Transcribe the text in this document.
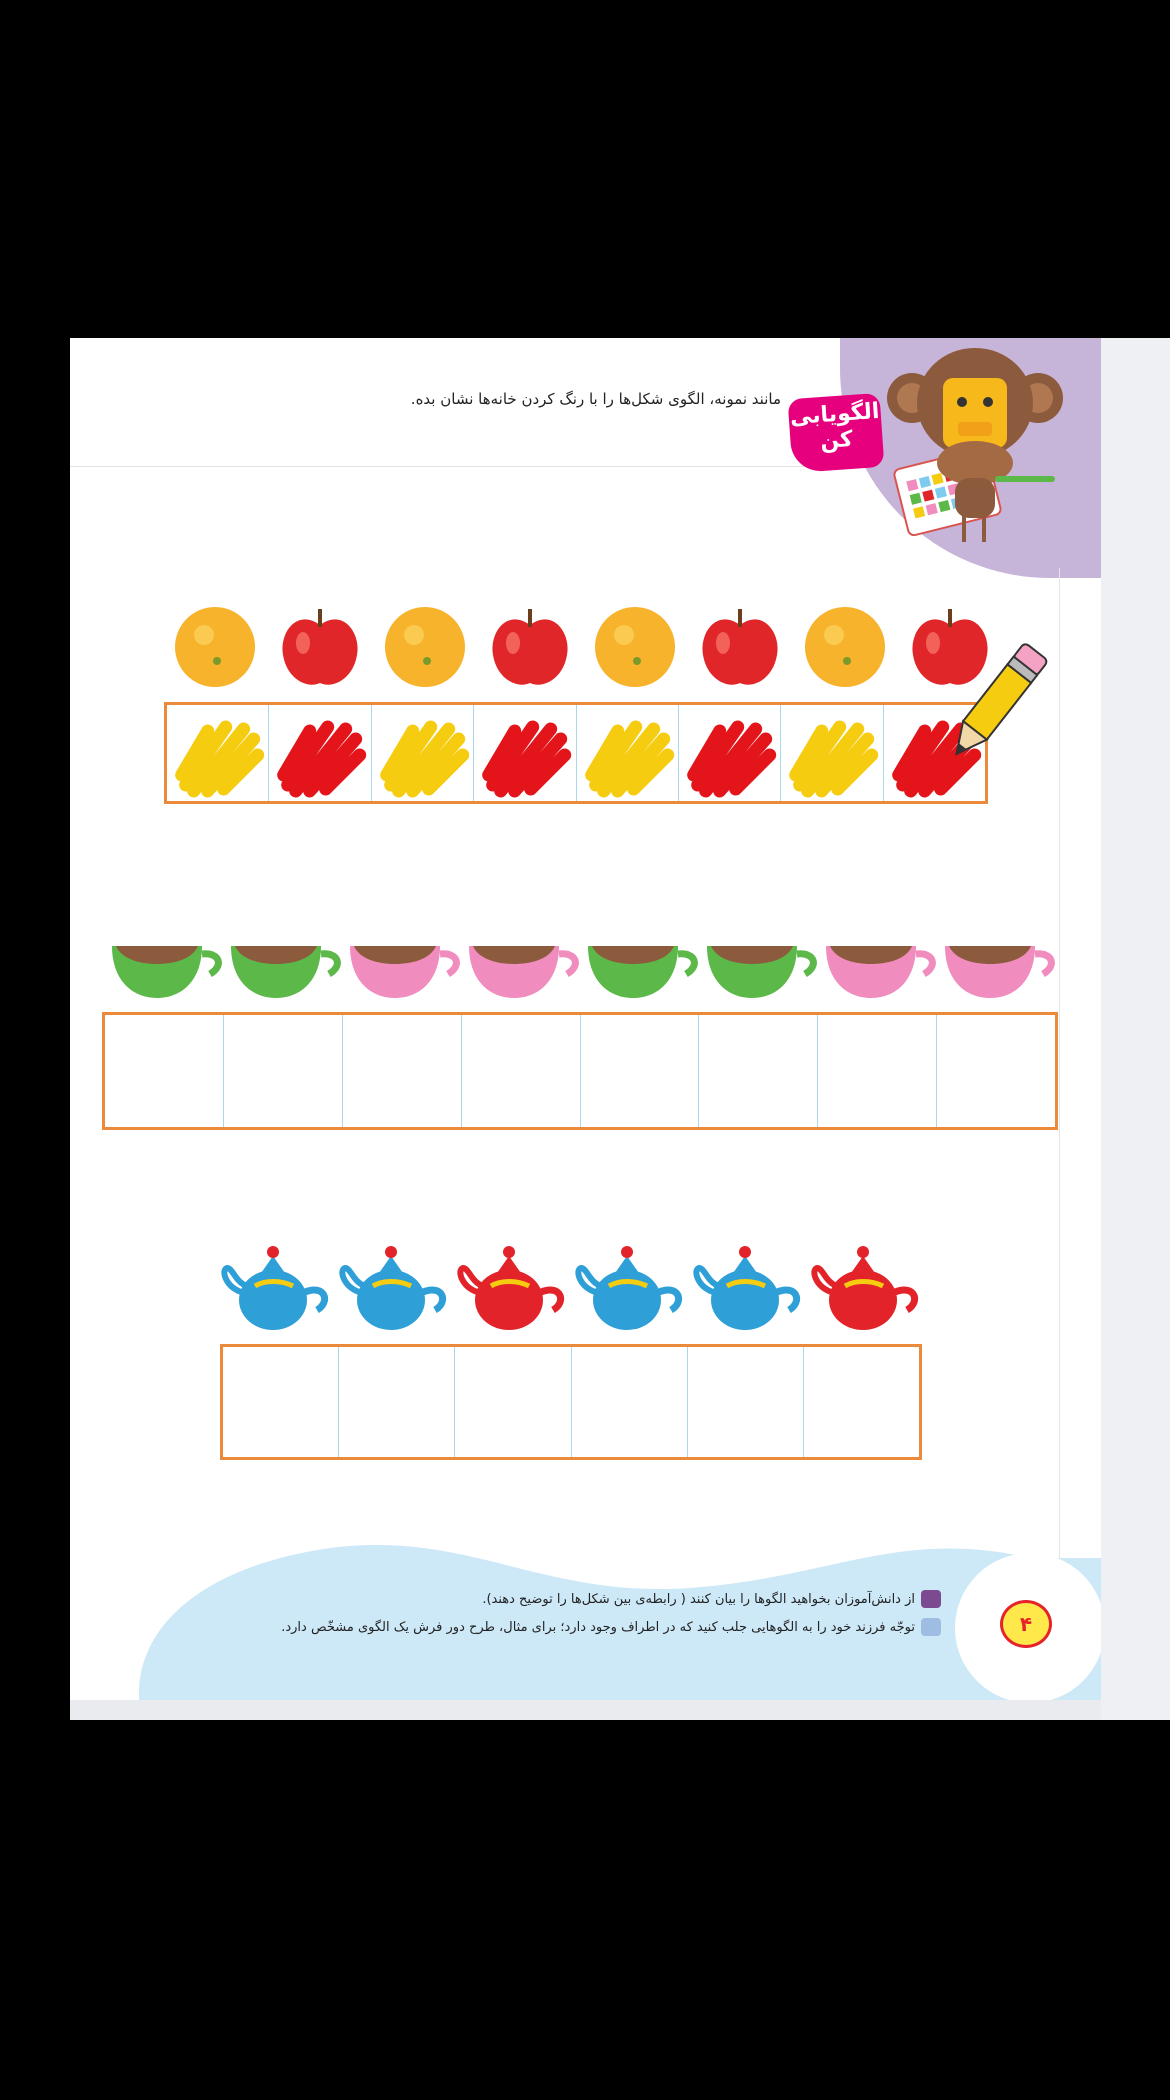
الگویابی کن
مانند نمونه، الگوی شکل‌ها را با رنگ کردن خانه‌ها نشان بده.
از دانش‌آموزان بخواهید الگوها را بیان کنند ( رابطه‌ی بین شکل‌ها را توضیح دهند).
توجّه فرزند خود را به الگوهایی جلب کنید که در اطراف وجود دارد؛ برای مثال، طرح دور فرش یک الگوی مشخّص دارد.	۴
